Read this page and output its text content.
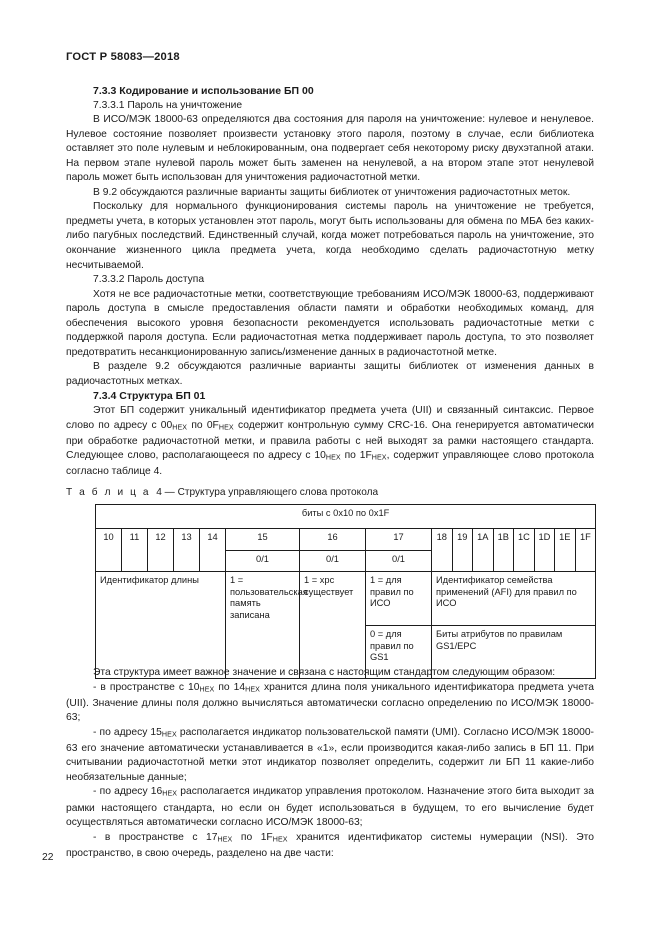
ГОСТ Р 58083—2018
7.3.3 Кодирование и использование БП 00
7.3.3.1 Пароль на уничтожение

В ИСО/МЭК 18000-63 определяются два состояния для пароля на уничтожение: нулевое и ненулевое. Нулевое состояние позволяет произвести установку этого пароля, поэтому в случае, если библиотека оставляет это поле нулевым и неблокированным, она подвергает себя некоторому риску двухэтапной атаки. На первом этапе нулевой пароль может быть заменен на ненулевой, а на втором этапе этот ненулевой пароль может быть использован для уничтожения радиочастотной метки.

В 9.2 обсуждаются различные варианты защиты библиотек от уничтожения радиочастотных меток.

Поскольку для нормального функционирования системы пароль на уничтожение не требуется, предметы учета, в которых установлен этот пароль, могут быть использованы для обмена по МБА без каких-либо пагубных последствий. Единственный случай, когда может потребоваться пароль на уничтожение, это окончание жизненного цикла предмета учета, когда необходимо сделать радиочастотную метку несчитываемой.

7.3.3.2 Пароль доступа

Хотя не все радиочастотные метки, соответствующие требованиям ИСО/МЭК 18000-63, поддерживают пароль доступа в смысле предоставления области памяти и обработки необходимых команд, для обеспечения высокого уровня безопасности рекомендуется использовать радиочастотные метки с поддержкой пароля доступа. Если радиочастотная метка поддерживает пароль доступа, то это позволяет предотвратить несанкционированную запись/изменение данных в радиочастотной метке.

В разделе 9.2 обсуждаются различные варианты защиты библиотек от изменения данных в радиочастотных метках.

7.3.4 Структура БП 01

Этот БП содержит уникальный идентификатор предмета учета (UII) и связанный синтаксис. Первое слово по адресу с $00_{HEX}$ по $0F_{HEX}$ содержит контрольную сумму CRC-16. Она генерируется автоматически при обработке радиочастотной метки, и правила работы с ней выходят за рамки настоящего стандарта. Следующее слово, располагающееся по адресу с $10_{HEX}$ по $1F_{HEX}$, содержит управляющее слово протокола согласно таблице 4.

Т а б л и ц а 4 — Структура управляющего слова протокола
биты с 0x10 по 0x1F															
10	11	12	13	14	15	16	17	18	19	1A	1B	1C	1D	1E	1F
					0/1	0/1	0/1								
Идентификатор длины					1 = пользовательская память записана	1 = хрс существует	1 = для правил по ИСО	Идентификатор семейства применений (AFI) для правил по ИСО							
							0 = для правил по GS1	Биты атрибутов по правилам GS1/EPC							

Эта структура имеет важное значение и связана с настоящим стандартом следующим образом:

- в пространстве с $10_{HEX}$ по $14_{HEX}$ хранится длина поля уникального идентификатора предмета учета (UII). Значение длины поля должно вычисляться автоматически согласно определению по ИСО/МЭК 18000-63;

- по адресу $15_{HEX}$ располагается индикатор пользовательской памяти (UMI). Согласно ИСО/МЭК 18000-63 его значение автоматически устанавливается в «1», если производится какая-либо запись в БП 11. При считывании радиочастотной метки этот индикатор позволяет определить, содержит ли БП 11 какие-либо необязательные данные;

- по адресу $16_{HEX}$ располагается индикатор управления протоколом. Назначение этого бита выходит за рамки настоящего стандарта, но если он будет использоваться в будущем, то его вычисление будет осуществляться автоматически согласно ИСО/МЭК 18000-63;

- в пространстве с $17_{HEX}$ по $1F_{HEX}$ хранится идентификатор системы нумерации (NSI). Это пространство, в свою очередь, разделено на две части:

22
